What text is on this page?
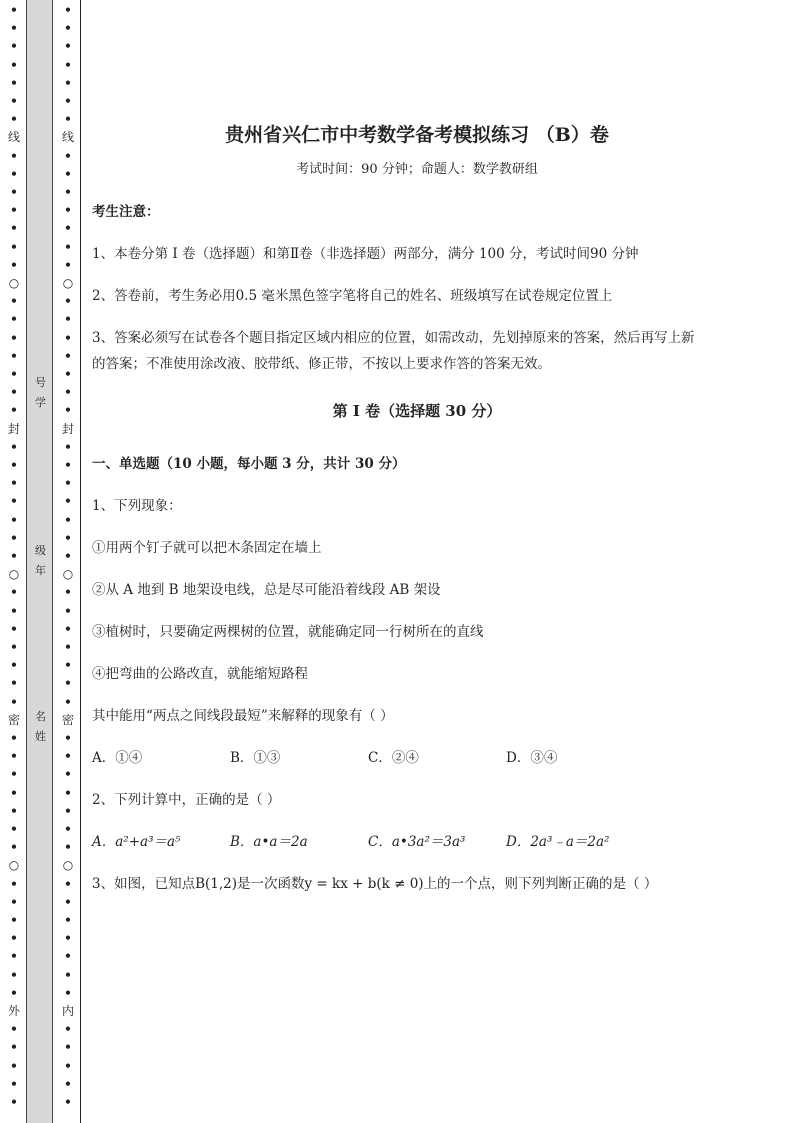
•
•
•
•
•
•
•
线
•
•
•
•
•
•
•
○
•
•
•
•
•
•
•
封
•
•
•
•
•
•
•
○
•
•
•
•
•
•
•
密
•
•
•
•
•
•
•
○
•
•
•
•
•
•
•
外
•
•
•
•
•
号
学
级
年
名
姓
•
•
•
•
•
•
•
线
•
•
•
•
•
•
•
○
•
•
•
•
•
•
•
封
•
•
•
•
•
•
•
○
•
•
•
•
•
•
•
密
•
•
•
•
•
•
•
○
•
•
•
•
•
•
•
内
•
•
•
•
•
贵州省兴仁市中考数学备考模拟练习 （B）卷
考试时间：90 分钟；命题人：数学教研组
考生注意：
1、本卷分第 I 卷（选择题）和第Ⅱ卷（非选择题）两部分，满分 100 分，考试时间90 分钟
2、答卷前，考生务必用0.5 毫米黑色签字笔将自己的姓名、班级填写在试卷规定位置上
3、答案必须写在试卷各个题目指定区域内相应的位置，如需改动，先划掉原来的答案，然后再写上新
的答案；不准使用涂改液、胶带纸、修正带，不按以上要求作答的答案无效。
第 I 卷（选择题 30 分）
一、单选题（10 小题，每小题 3 分，共计 30 分）
1、下列现象：
①用两个钉子就可以把木条固定在墙上
②从 A 地到 B 地架设电线，总是尽可能沿着线段 AB 架设
③植树时，只要确定两棵树的位置，就能确定同一行树所在的直线
④把弯曲的公路改直，就能缩短路程
其中能用“两点之间线段最短”来解释的现象有（ ）
A．①④	B．①③	C．②④	D．③④
2、下列计算中，正确的是（ ）
A．a²+a³＝a⁵	B．a•a＝2a	C．a•3a²＝3a³	D．2a³﹣a＝2a²
3、如图，已知点B(1,2)是一次函数y = kx + b(k ≠ 0)上的一个点，则下列判断正确的是（ ）
